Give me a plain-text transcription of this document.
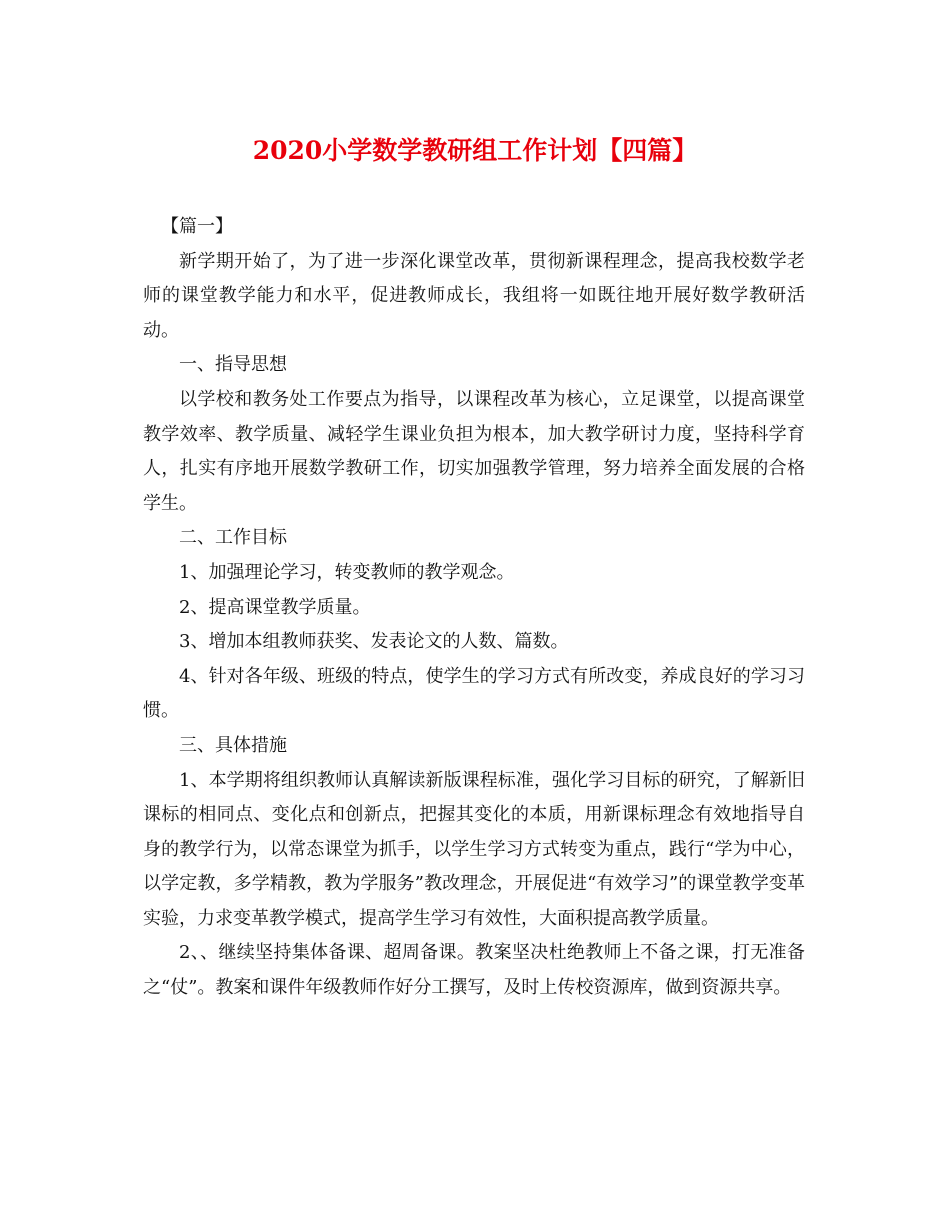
2020小学数学教研组工作计划【四篇】

【篇一】

新学期开始了，为了进一步深化课堂改革，贯彻新课程理念，提高我校数学老师的课堂教学能力和水平，促进教师成长，我组将一如既往地开展好数学教研活动。

一、指导思想

以学校和教务处工作要点为指导，以课程改革为核心，立足课堂，以提高课堂教学效率、教学质量、减轻学生课业负担为根本，加大教学研讨力度，坚持科学育人，扎实有序地开展数学教研工作，切实加强教学管理，努力培养全面发展的合格学生。

二、工作目标

1、加强理论学习，转变教师的教学观念。

2、提高课堂教学质量。

3、增加本组教师获奖、发表论文的人数、篇数。

4、针对各年级、班级的特点，使学生的学习方式有所改变，养成良好的学习习惯。

三、具体措施

1、本学期将组织教师认真解读新版课程标准，强化学习目标的研究，了解新旧课标的相同点、变化点和创新点，把握其变化的本质，用新课标理念有效地指导自身的教学行为，以常态课堂为抓手，以学生学习方式转变为重点，践行“学为中心，以学定教，多学精教，教为学服务”教改理念，开展促进“有效学习”的课堂教学变革实验，力求变革教学模式，提高学生学习有效性，大面积提高教学质量。

2、、继续坚持集体备课、超周备课。教案坚决杜绝教师上不备之课，打无准备之“仗”。教案和课件年级教师作好分工撰写，及时上传校资源库，做到资源共享。
